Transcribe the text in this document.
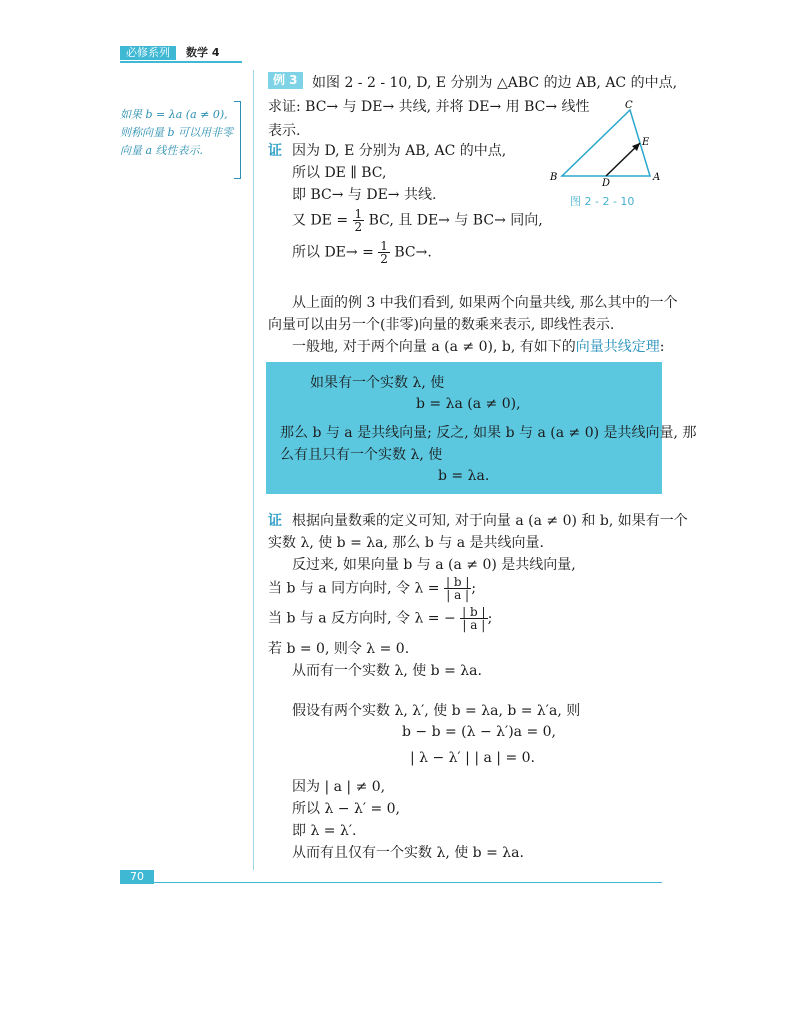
必修系列	数学 4
如果 b = λa (a ≠ 0), 则称向量 b 可以用非零向量 a 线性表示.
例 3	如图 2 - 2 - 10, D, E 分别为 △ABC 的边 AB, AC 的中点,
求证: BC→ 与 DE→ 共线, 并将 DE→ 用 BC→ 线性
表示.
证 因为 D, E 分别为 AB, AC 的中点,
所以 DE ∥ BC,
即 BC→ 与 DE→ 共线.
又 DE = $\frac{1}{2}$ BC, 且 DE→ 与 BC→ 同向,
所以 $DE\to = \frac{1}{2} BC\to$.
C
E
B
D
A
图 2 - 2 - 10
从上面的例 3 中我们看到, 如果两个向量共线, 那么其中的一个
向量可以由另一个(非零)向量的数乘来表示, 即线性表示.
一般地, 对于两个向量 a (a ≠ 0), b, 有如下的向量共线定理:
如果有一个实数 λ, 使
b = λa (a ≠ 0),
那么 b 与 a 是共线向量; 反之, 如果 b 与 a (a ≠ 0) 是共线向量, 那
么有且只有一个实数 λ, 使
b = λa.
证 根据向量数乘的定义可知, 对于向量 a (a ≠ 0) 和 b, 如果有一个
实数 λ, 使 b = λa, 那么 b 与 a 是共线向量.
反过来, 如果向量 b 与 a (a ≠ 0) 是共线向量,
当 b 与 a 同方向时, 令 $\lambda = \frac{| b |}{| a |}$ ;
当 b 与 a 反方向时, 令 λ = − $\frac{| b |}{| a |}$ ;
若 b = 0, 则令 λ = 0.
从而有一个实数 λ, 使 b = λa.
假设有两个实数 λ, λ′, 使 b = λa, b = λ′a, 则
b − b = (λ − λ′)a = 0,
| λ − λ′ | | a | = 0.
因为 | a | ≠ 0,
所以 λ − λ′ = 0,
即 λ = λ′.
从而有且仅有一个实数 λ, 使 b = λa.
70
